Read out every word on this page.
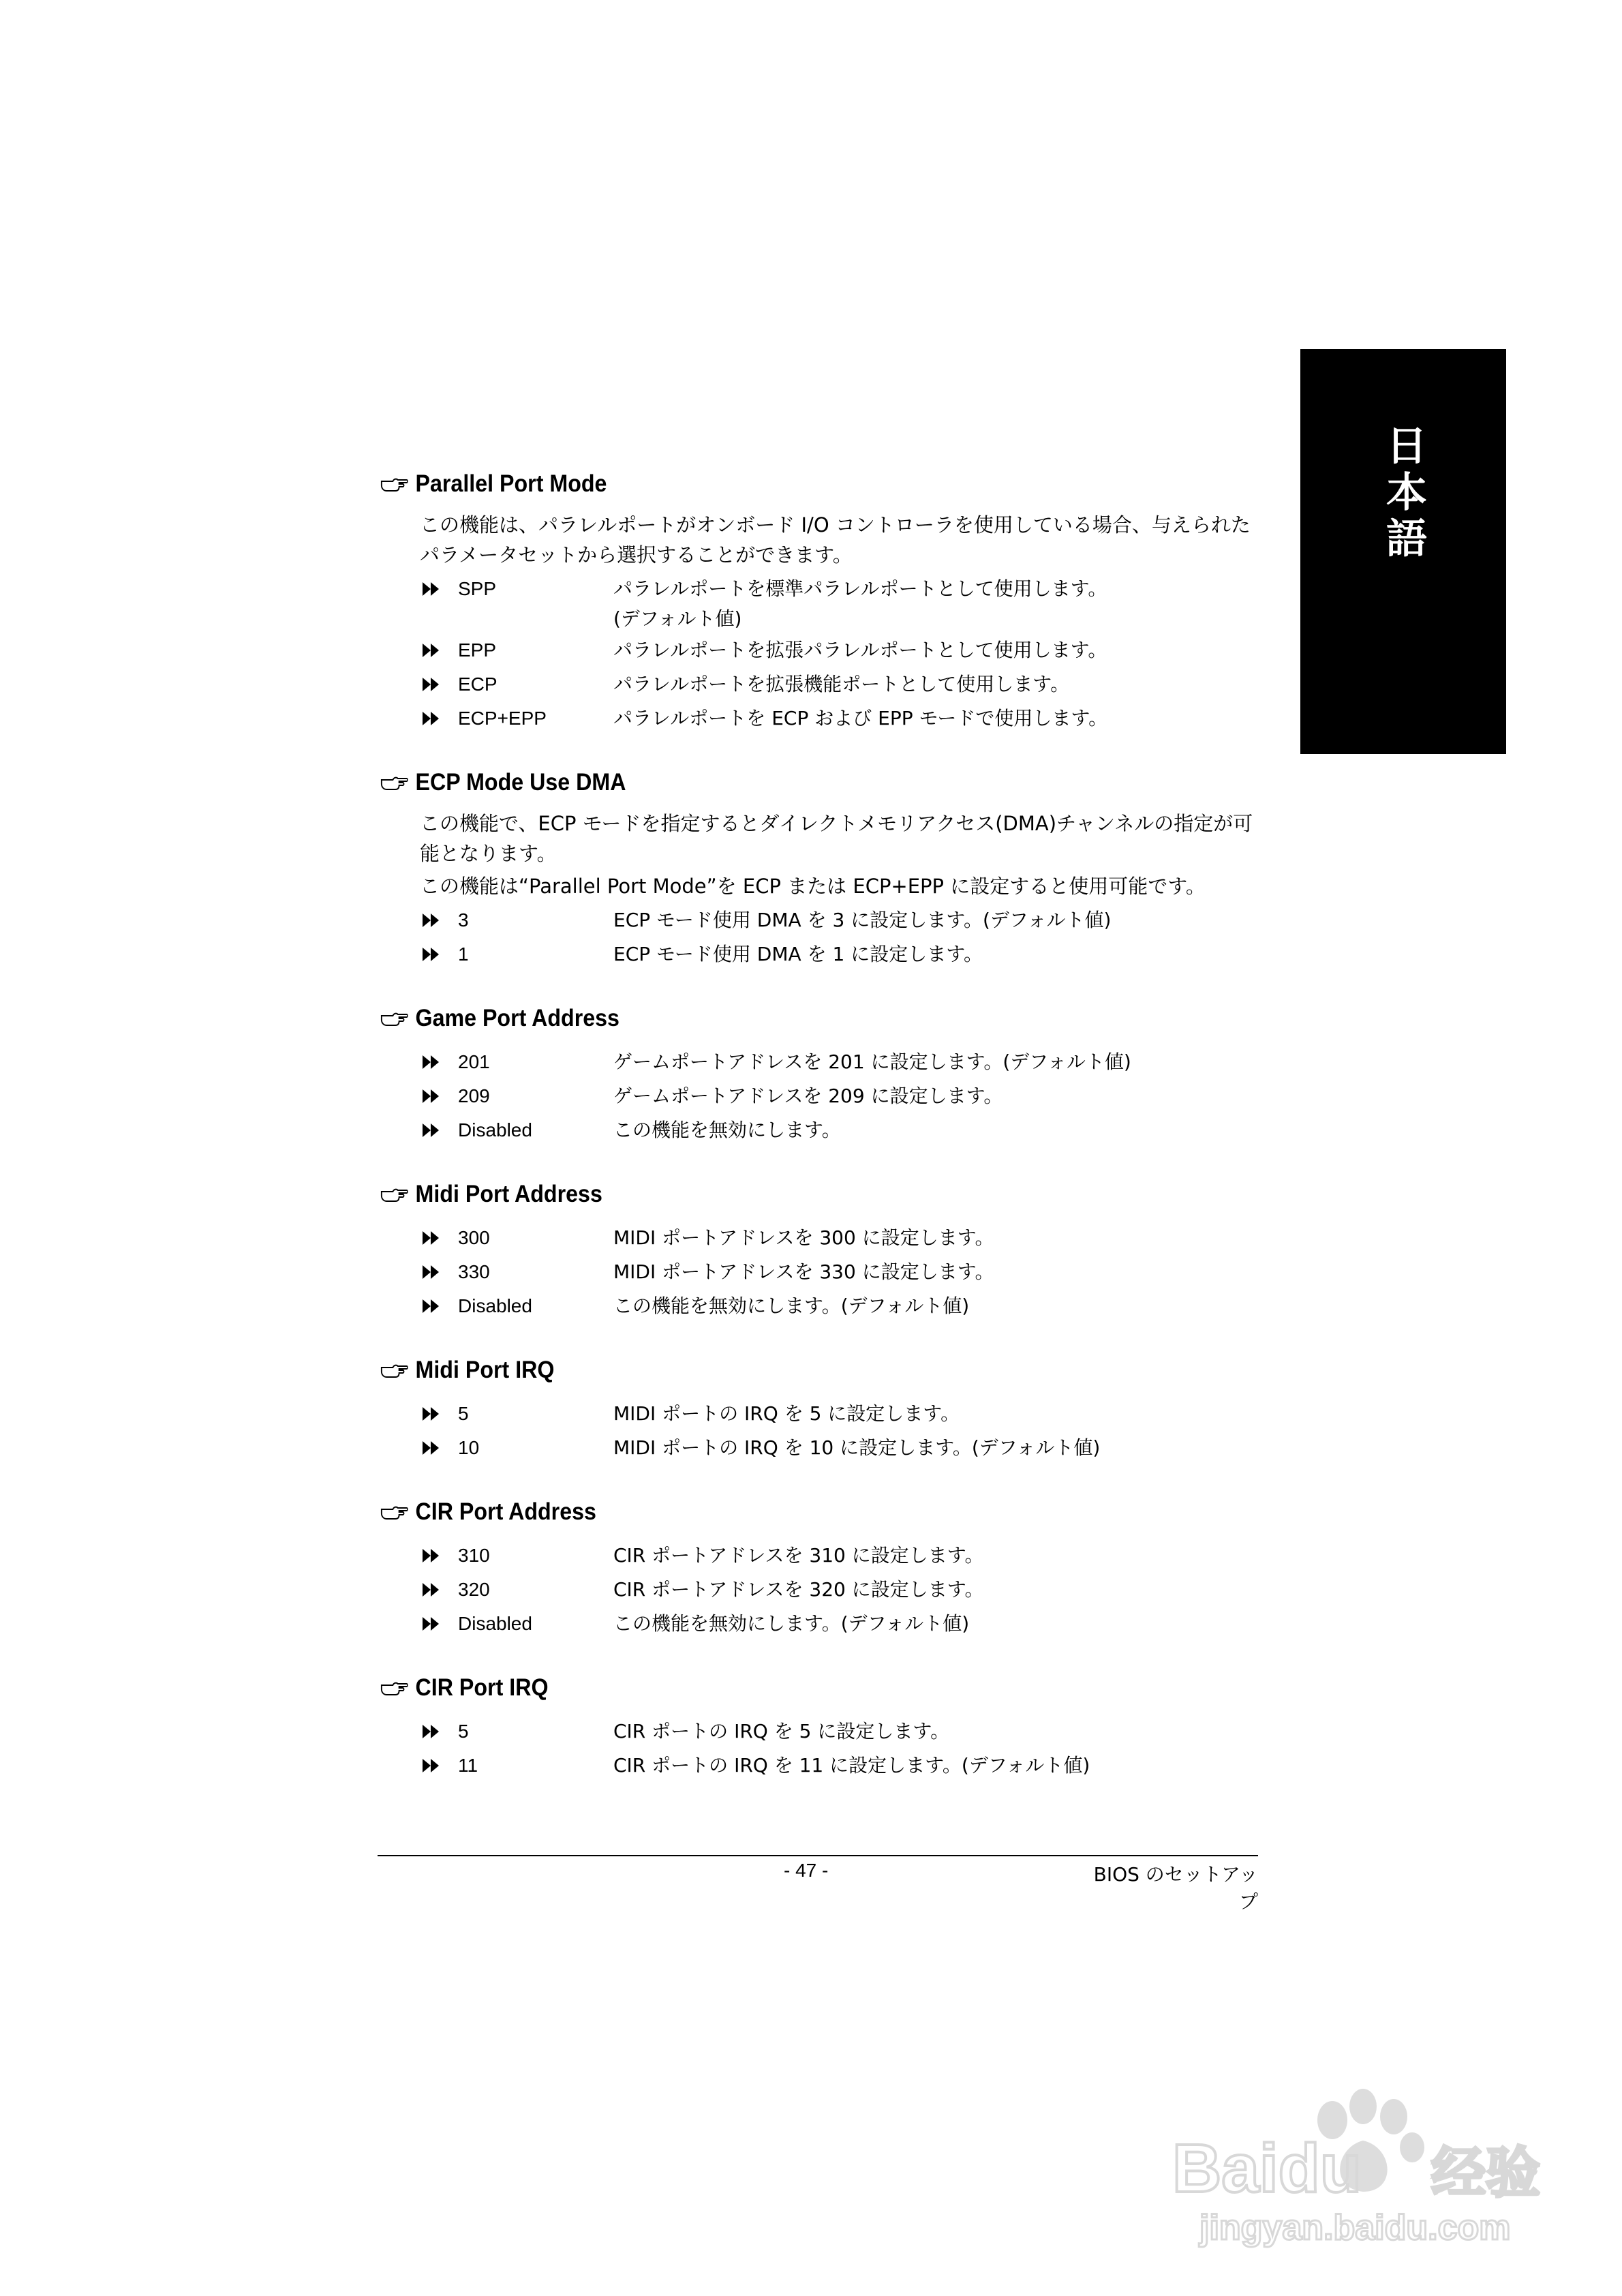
日本語
Parallel Port Mode
この機能は、パラレルポートがオンボード I/O コントローラを使用している場合、与えられたパラメータセットから選択することができます。
SPP	パラレルポートを標準パラレルポートとして使用します。
(デフォルト値)
EPP	パラレルポートを拡張パラレルポートとして使用します。
ECP	パラレルポートを拡張機能ポートとして使用します。
ECP+EPP	パラレルポートを ECP および EPP モードで使用します。
ECP Mode Use DMA
この機能で、ECP モードを指定するとダイレクトメモリアクセス(DMA)チャンネルの指定が可能となります。
この機能は“Parallel Port Mode”を ECP または ECP+EPP に設定すると使用可能です。
3	ECP モード使用 DMA を 3 に設定します。(デフォルト値)
1	ECP モード使用 DMA を 1 に設定します。
Game Port Address
201	ゲームポートアドレスを 201 に設定します。(デフォルト値)
209	ゲームポートアドレスを 209 に設定します。
Disabled	この機能を無効にします。
Midi Port Address
300	MIDI ポートアドレスを 300 に設定します。
330	MIDI ポートアドレスを 330 に設定します。
Disabled	この機能を無効にします。(デフォルト値)
Midi Port IRQ
5	MIDI ポートの IRQ を 5 に設定します。
10	MIDI ポートの IRQ を 10 に設定します。(デフォルト値)
CIR Port Address
310	CIR ポートアドレスを 310 に設定します。
320	CIR ポートアドレスを 320 に設定します。
Disabled	この機能を無効にします。(デフォルト値)
CIR Port IRQ
5	CIR ポートの IRQ を 5 に設定します。
11	CIR ポートの IRQ を 11 に設定します。(デフォルト値)
- 47 -	BIOS のセットアップ
Baidu 经验
jingyan.baidu.com
